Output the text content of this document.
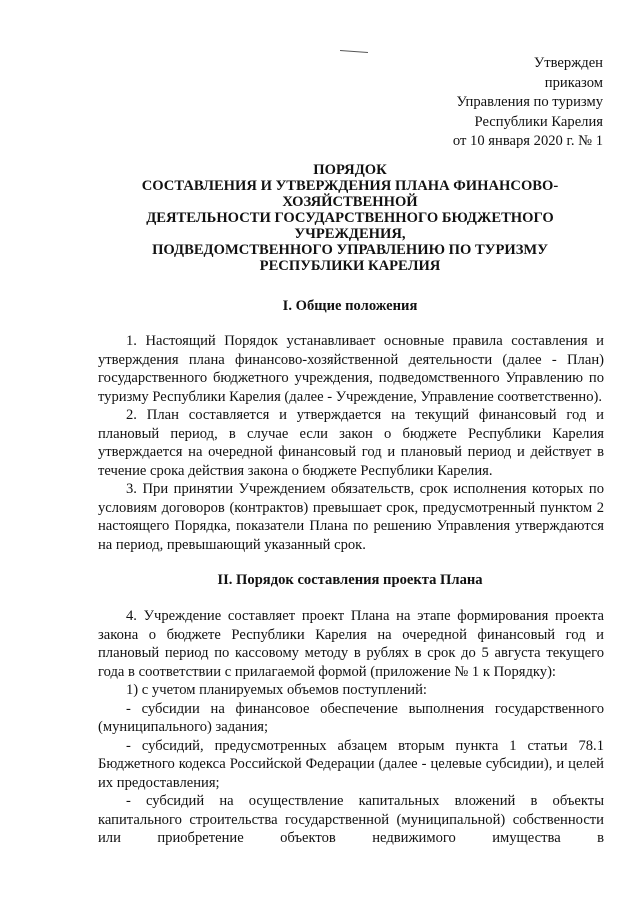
Утвержден
приказом
Управления по туризму
Республики Карелия
от 10 января 2020 г. № 1
ПОРЯДОК
СОСТАВЛЕНИЯ И УТВЕРЖДЕНИЯ ПЛАНА ФИНАНСОВО-
ХОЗЯЙСТВЕННОЙ
ДЕЯТЕЛЬНОСТИ ГОСУДАРСТВЕННОГО БЮДЖЕТНОГО
УЧРЕЖДЕНИЯ,
ПОДВЕДОМСТВЕННОГО УПРАВЛЕНИЮ ПО ТУРИЗМУ
РЕСПУБЛИКИ КАРЕЛИЯ
I. Общие положения

1. Настоящий Порядок устанавливает основные правила составления и утверждения плана финансово-хозяйственной деятельности (далее - План) государственного бюджетного учреждения, подведомственного Управлению по туризму Республики Карелия (далее - Учреждение, Управление соответственно).

2. План составляется и утверждается на текущий финансовый год и плановый период, в случае если закон о бюджете Республики Карелия утверждается на очередной финансовый год и плановый период и действует в течение срока действия закона о бюджете Республики Карелия.

3. При принятии Учреждением обязательств, срок исполнения которых по условиям договоров (контрактов) превышает срок, предусмотренный пунктом 2 настоящего Порядка, показатели Плана по решению Управления утверждаются на период, превышающий указанный срок.

II. Порядок составления проекта Плана

4. Учреждение составляет проект Плана на этапе формирования проекта закона о бюджете Республики Карелия на очередной финансовый год и плановый период по кассовому методу в рублях в срок до 5 августа текущего года в соответствии с прилагаемой формой (приложение № 1 к Порядку):

1) с учетом планируемых объемов поступлений:

- субсидии на финансовое обеспечение выполнения государственного (муниципального) задания;

- субсидий, предусмотренных абзацем вторым пункта 1 статьи 78.1 Бюджетного кодекса Российской Федерации (далее - целевые субсидии), и целей их предоставления;

- субсидий на осуществление капитальных вложений в объекты капитального строительства государственной (муниципальной) собственности или приобретение объектов недвижимого имущества в
